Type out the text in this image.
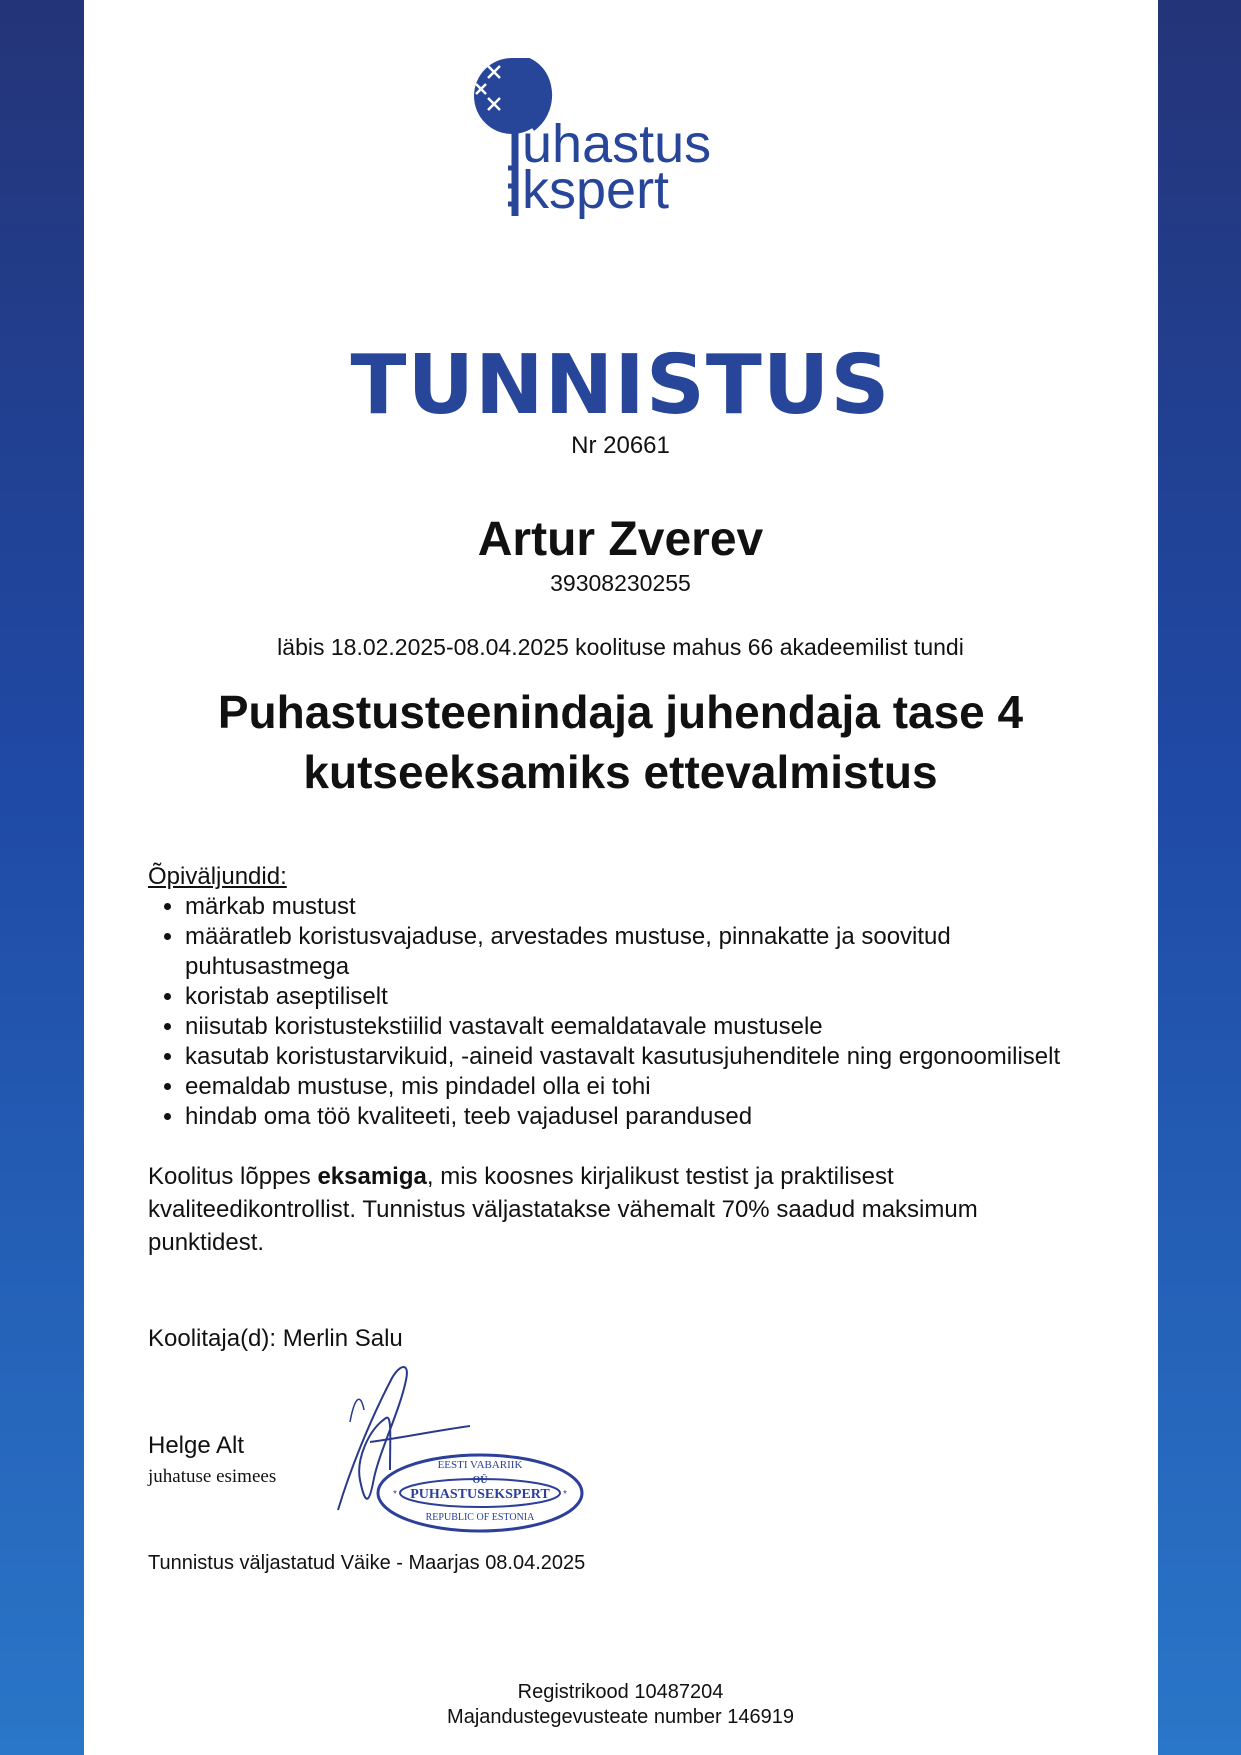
uhastus
kspert
TUNNISTUS
Nr 20661
Artur Zverev
39308230255
läbis 18.02.2025-08.04.2025 koolituse mahus 66 akadeemilist tundi
Puhastusteenindaja juhendaja tase 4
kutseeksamiks ettevalmistus
Õpiväljundid:
• märkab mustust
• määratleb koristusvajaduse, arvestades mustuse, pinnakatte ja soovitud puhtusastmega
• koristab aseptiliselt
• niisutab koristustekstiilid vastavalt eemaldatavale mustusele
• kasutab koristustarvikuid, -aineid vastavalt kasutusjuhenditele ning ergonoomiliselt
• eemaldab mustuse, mis pindadel olla ei tohi
• hindab oma töö kvaliteeti, teeb vajadusel parandused
Koolitus lõppes eksamiga, mis koosnes kirjalikust testist ja praktilisest kvaliteedikontrollist. Tunnistus väljastatakse vähemalt 70% saadud maksimum punktidest.
Koolitaja(d): Merlin Salu
Helge Alt
juhatuse esimees
EESTI VABARIIK
OÜ
PUHASTUSEKSPERT
REPUBLIC OF ESTONIA
*	*
Tunnistus väljastatud Väike - Maarjas 08.04.2025
Registrikood 10487204
Majandustegevusteate number 146919
